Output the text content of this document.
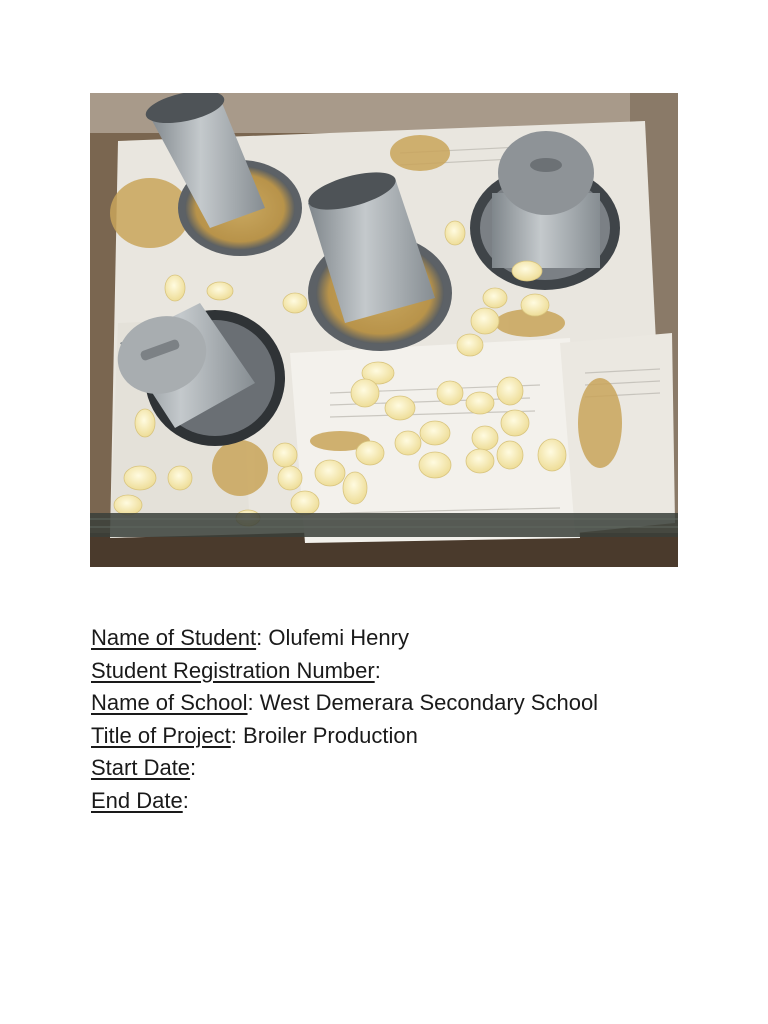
Name of Student: Olufemi Henry
Student Registration Number:
Name of School: West Demerara Secondary School
Title of Project: Broiler Production
Start Date:
End Date:
